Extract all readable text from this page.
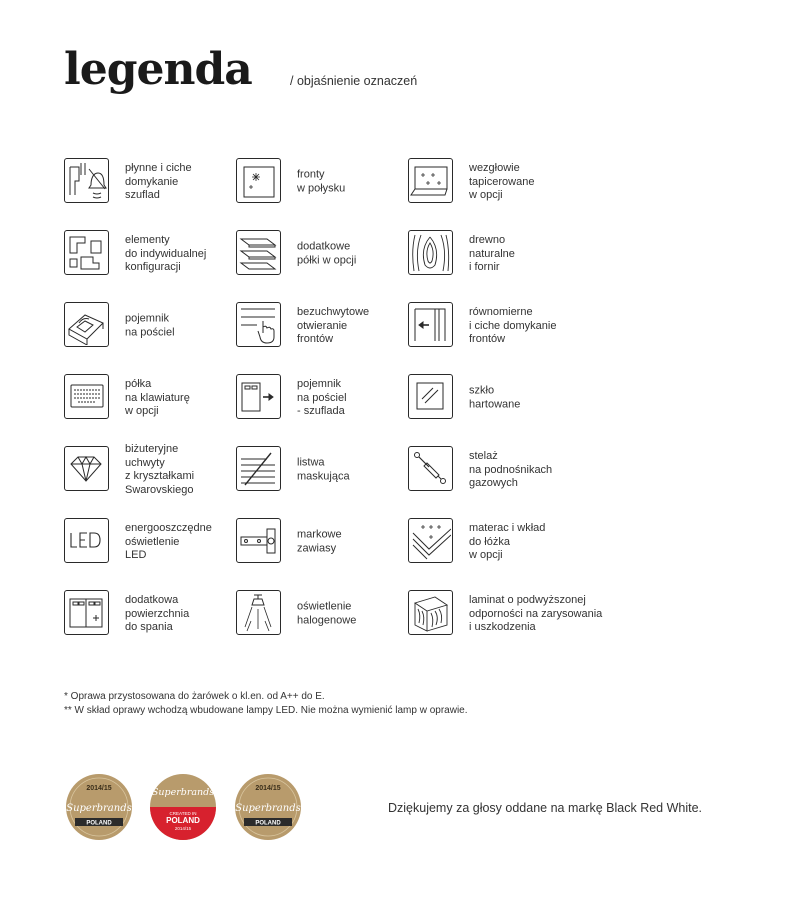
legenda	/ objaśnienie oznaczeń
płynne i ciche
domykanie
szuflad
elementy
do indywidualnej
konfiguracji
pojemnik
na pościel
półka
na klawiaturę
w opcji
biżuteryjne
uchwyty
z kryształkami
Swarovskiego
energooszczędne
oświetlenie
LED
dodatkowa
powierzchnia
do spania
fronty
w połysku
dodatkowe
półki w opcji
bezuchwytowe
otwieranie
frontów
pojemnik
na pościel
- szuflada
listwa
maskująca
markowe
zawiasy
oświetlenie
halogenowe
wezgłowie
tapicerowane
w opcji
drewno
naturalne
i fornir
równomierne
i ciche domykanie
frontów
szkło
hartowane
stelaż
na podnośnikach
gazowych
materac i wkład
do łóżka
w opcji
laminat o podwyższonej
odporności na zarysowania
i uszkodzenia
* Oprawa przystosowana do żarówek o kl.en. od A++ do E.
** W skład oprawy wchodzą wbudowane lampy LED. Nie można wymienić lamp w oprawie.
2014/15
Superbrands
POLAND
Superbrands
CREATED IN
POLAND
2014/15
2014/15
Superbrands
POLAND
Dziękujemy za głosy oddane na markę Black Red White.
